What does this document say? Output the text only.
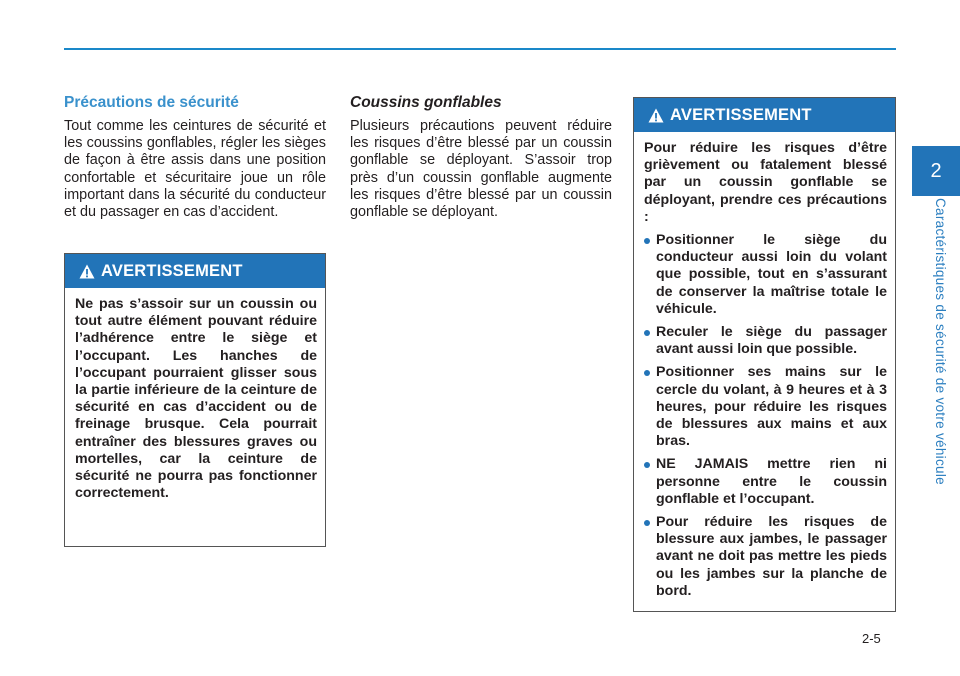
Précautions de sécurité

Tout comme les ceintures de sécurité et les coussins gonflables, régler les sièges de façon à être assis dans une position confortable et sécuritaire joue un rôle important dans la sécurité du conducteur et du passager en cas d’accident.

AVERTISSEMENT
Ne pas s’assoir sur un coussin ou tout autre élément pouvant réduire l’adhérence entre le siège et l’occupant. Les hanches de l’occupant pourraient glisser sous la partie inférieure de la ceinture de sécurité en cas d’accident ou de freinage brusque. Cela pourrait entraîner des blessures graves ou mortelles, car la ceinture de sécurité ne pourra pas fonctionner correctement.
Coussins gonflables

Plusieurs précautions peuvent réduire les risques d’être blessé par un coussin gonflable se déployant. S’assoir trop près d’un coussin gonflable augmente les risques d’être blessé par un coussin gonflable se déployant.

AVERTISSEMENT
Pour réduire les risques d’être grièvement ou fatalement blessé par un coussin gonflable se déployant, prendre ces précautions :
Positionner le siège du conducteur aussi loin du volant que possible, tout en s’assurant de conserver la maîtrise totale le véhicule.
Reculer le siège du passager avant aussi loin que possible.
Positionner ses mains sur le cercle du volant, à 9 heures et à 3 heures, pour réduire les risques de blessures aux mains et aux bras.
NE JAMAIS mettre rien ni personne entre le coussin gonflable et l’occupant.
Pour réduire les risques de blessure aux jambes, le passager avant ne doit pas mettre les pieds ou les jambes sur la planche de bord.
2
Caractéristiques de sécurité de votre véhicule
2-5
